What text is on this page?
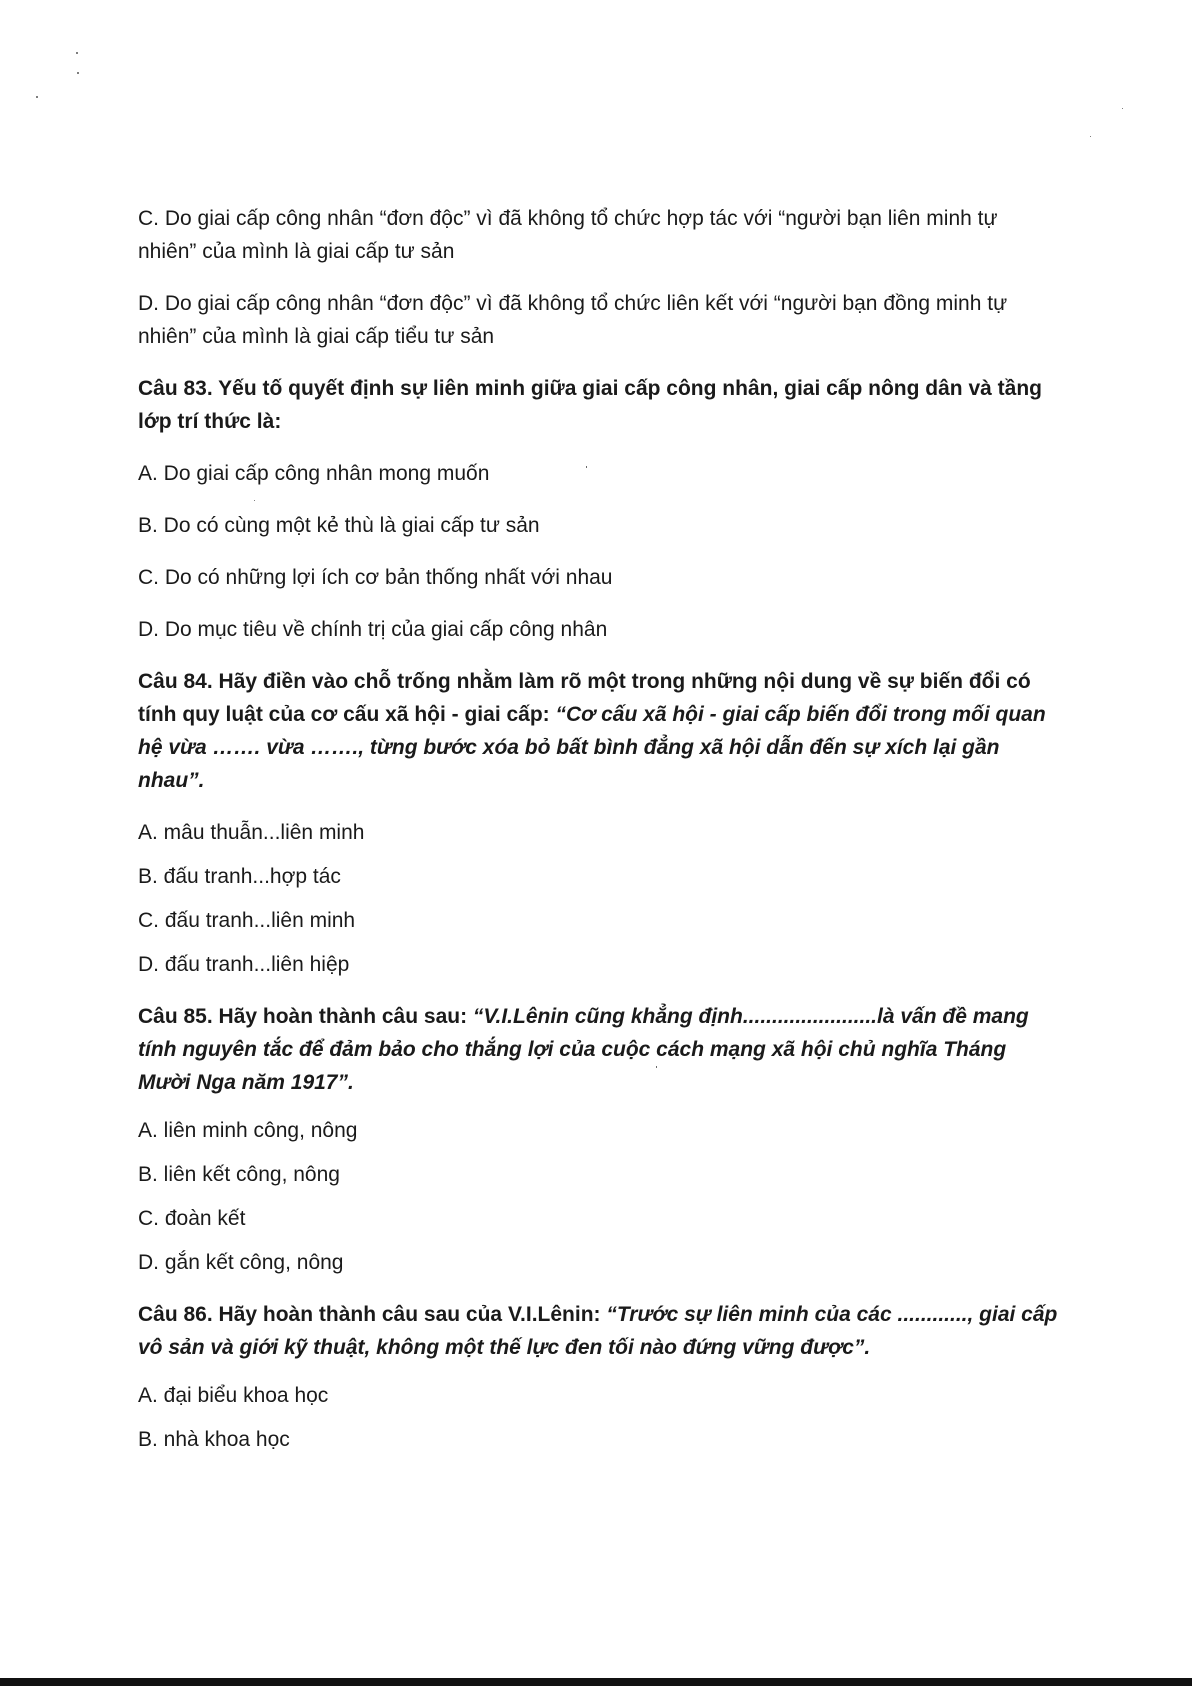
C. Do giai cấp công nhân “đơn độc” vì đã không tổ chức hợp tác với “người bạn liên minh tự nhiên” của mình là giai cấp tư sản

D. Do giai cấp công nhân “đơn độc” vì đã không tổ chức liên kết với “người bạn đồng minh tự nhiên” của mình là giai cấp tiểu tư sản

Câu 83. Yếu tố quyết định sự liên minh giữa giai cấp công nhân, giai cấp nông dân và tầng lớp trí thức là:

A. Do giai cấp công nhân mong muốn

B. Do có cùng một kẻ thù là giai cấp tư sản

C. Do có những lợi ích cơ bản thống nhất với nhau

D. Do mục tiêu về chính trị của giai cấp công nhân

Câu 84. Hãy điền vào chỗ trống nhằm làm rõ một trong những nội dung về sự biến đổi có tính quy luật của cơ cấu xã hội - giai cấp: “Cơ cấu xã hội - giai cấp biến đổi trong mối quan hệ vừa ……. vừa ……., từng bước xóa bỏ bất bình đẳng xã hội dẫn đến sự xích lại gần nhau”.

A. mâu thuẫn...liên minh

B. đấu tranh...hợp tác

C. đấu tranh...liên minh

D. đấu tranh...liên hiệp

Câu 85. Hãy hoàn thành câu sau: “V.I.Lênin cũng khẳng định.......................là vấn đề mang tính nguyên tắc để đảm bảo cho thắng lợi của cuộc cách mạng xã hội chủ nghĩa Tháng Mười Nga năm 1917”.

A. liên minh công, nông

B. liên kết công, nông

C. đoàn kết

D. gắn kết công, nông

Câu 86. Hãy hoàn thành câu sau của V.I.Lênin: “Trước sự liên minh của các ............, giai cấp vô sản và giới kỹ thuật, không một thế lực đen tối nào đứng vững được”.

A. đại biểu khoa học

B. nhà khoa học
